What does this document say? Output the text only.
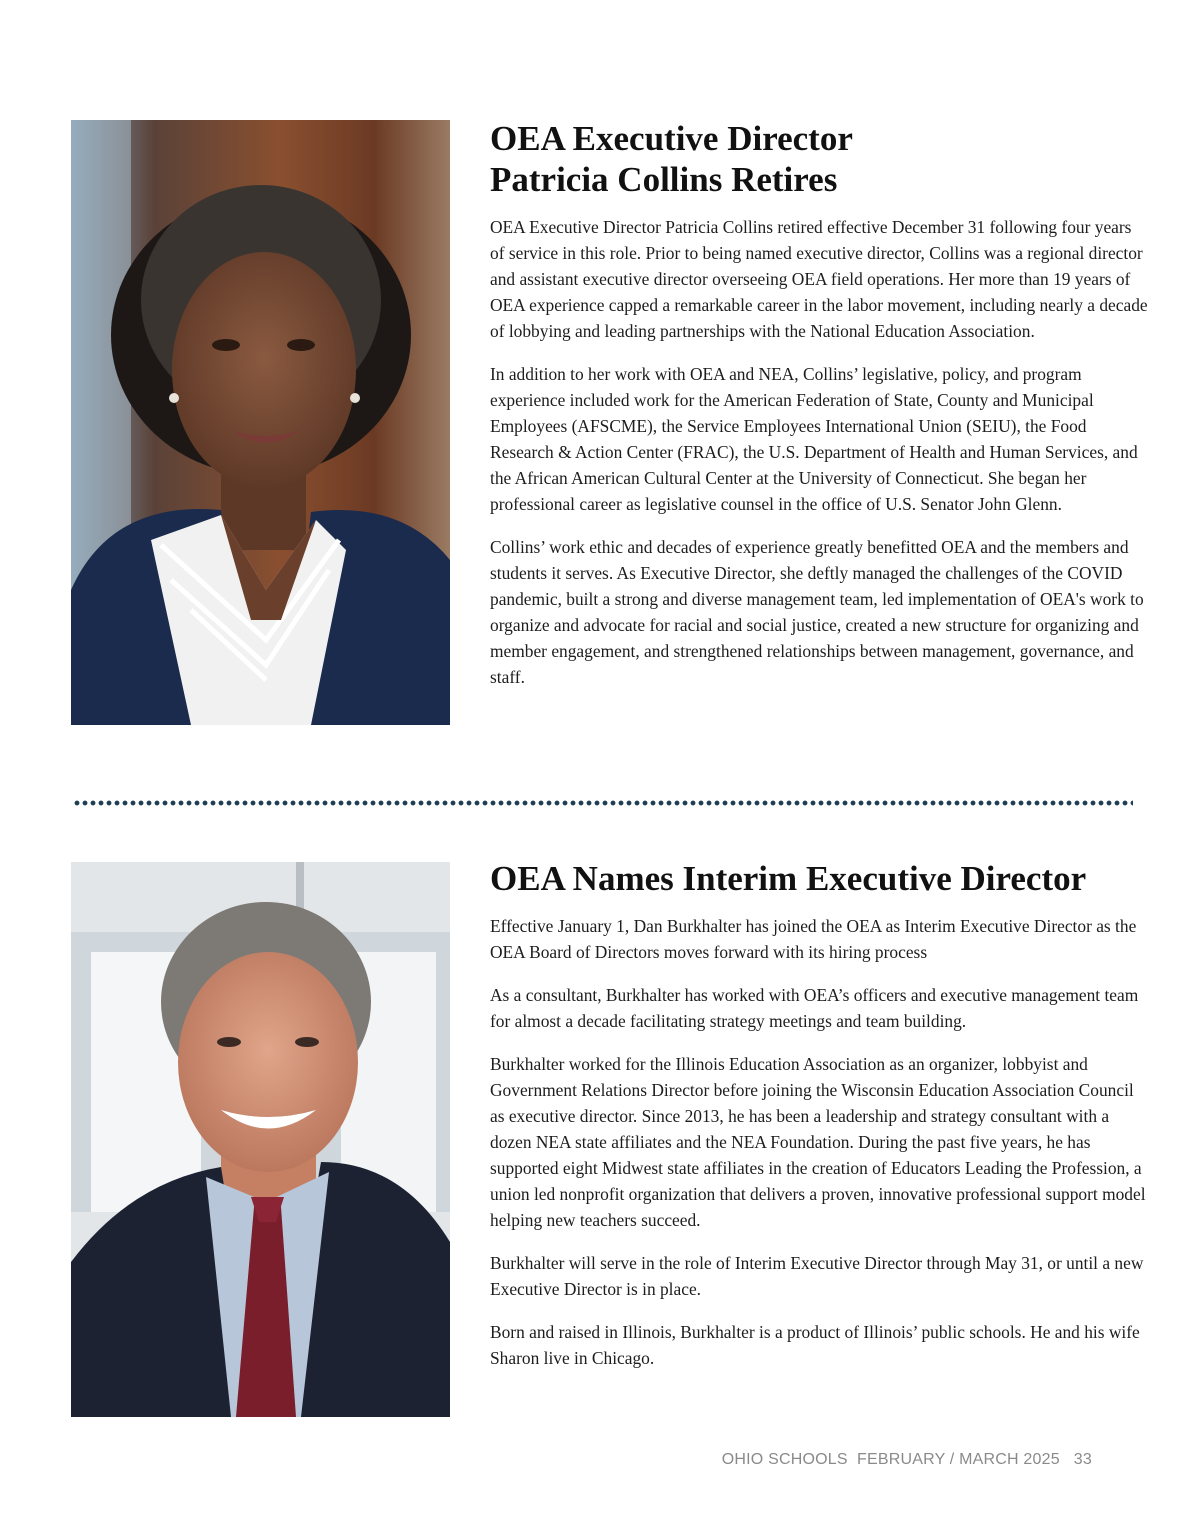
OEA Executive Director
Patricia Collins Retires

OEA Executive Director Patricia Collins retired effective December 31 following four years of service in this role. Prior to being named executive director, Collins was a regional director and assistant executive director overseeing OEA field operations. Her more than 19 years of OEA experience capped a remarkable career in the labor movement, including nearly a decade of lobbying and leading partnerships with the National Education Association.

In addition to her work with OEA and NEA, Collins’ legislative, policy, and program experience included work for the American Federation of State, County and Municipal Employees (AFSCME), the Service Employees International Union (SEIU), the Food Research & Action Center (FRAC), the U.S. Department of Health and Human Services, and the African American Cultural Center at the University of Connecticut. She began her professional career as legislative counsel in the office of U.S. Senator John Glenn.

Collins’ work ethic and decades of experience greatly benefitted OEA and the members and students it serves. As Executive Director, she deftly managed the challenges of the COVID pandemic, built a strong and diverse management team, led implementation of OEA's work to organize and advocate for racial and social justice, created a new structure for organizing and member engagement, and strengthened relationships between management, governance, and staff.

OEA Names Interim Executive Director

Effective January 1, Dan Burkhalter has joined the OEA as Interim Executive Director as the OEA Board of Directors moves forward with its hiring process

As a consultant, Burkhalter has worked with OEA’s officers and executive management team for almost a decade facilitating strategy meetings and team building.

Burkhalter worked for the Illinois Education Association as an organizer, lobbyist and Government Relations Director before joining the Wisconsin Education Association Council as executive director. Since 2013, he has been a leadership and strategy consultant with a dozen NEA state affiliates and the NEA Foundation. During the past five years, he has supported eight Midwest state affiliates in the creation of Educators Leading the Profession, a union led nonprofit organization that delivers a proven, innovative professional support model helping new teachers succeed.

Burkhalter will serve in the role of Interim Executive Director through May 31, or until a new Executive Director is in place.

Born and raised in Illinois, Burkhalter is a product of Illinois’ public schools. He and his wife Sharon live in Chicago.

OHIO SCHOOLS  FEBRUARY / MARCH 2025 33
